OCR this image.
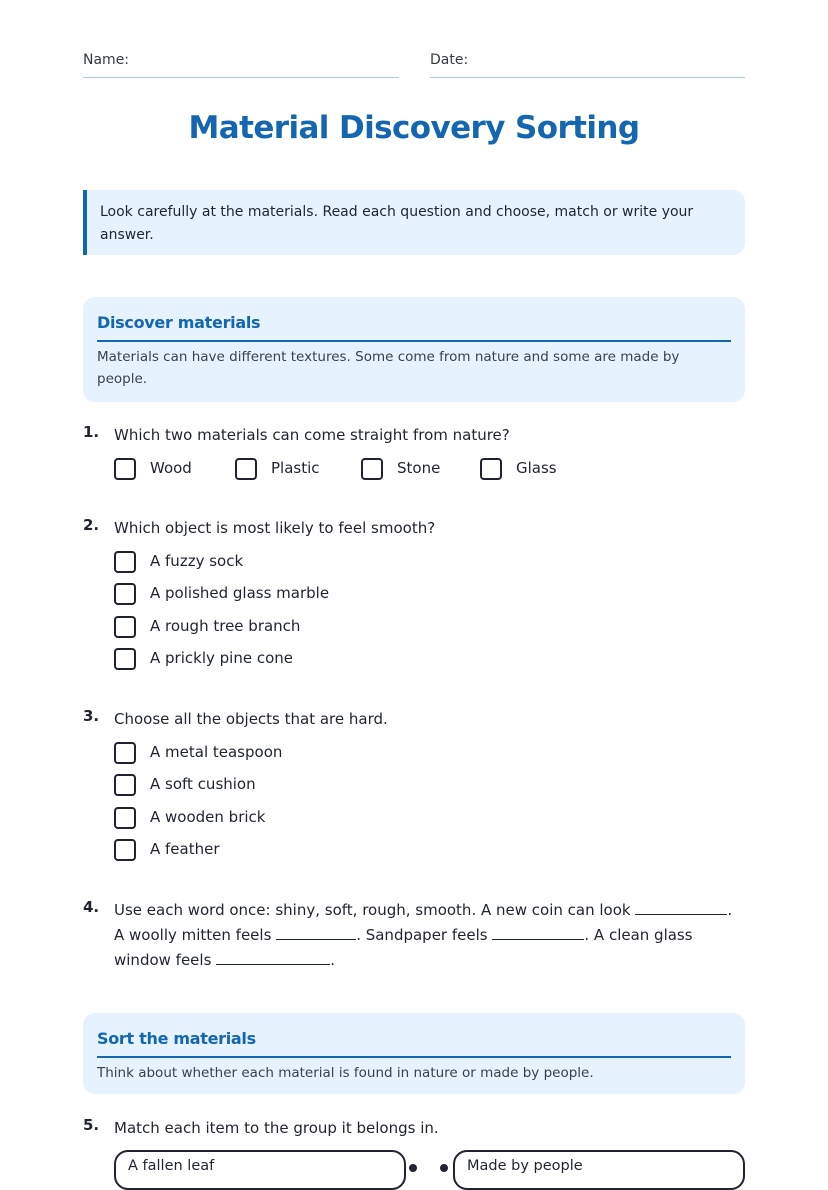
Name:	Date:
Material Discovery Sorting

Look carefully at the materials. Read each question and choose, match or write your answer.

Discover materials
Materials can have different textures. Some come from nature and some are made by people.
1. Which two materials can come straight from nature?
Wood	Plastic	Stone	Glass
2. Which object is most likely to feel smooth?
A fuzzy sock
A polished glass marble
A rough tree branch
A prickly pine cone
3. Choose all the objects that are hard.
A metal teaspoon
A soft cushion
A wooden brick
A feather
4. Use each word once: shiny, soft, rough, smooth. A new coin can look	.
A woolly mitten feels	. Sandpaper feels	. A clean glass window feels	.
Sort the materials
Think about whether each material is found in nature or made by people.
5. Match each item to the group it belongs in.
A fallen leaf	Made by people
